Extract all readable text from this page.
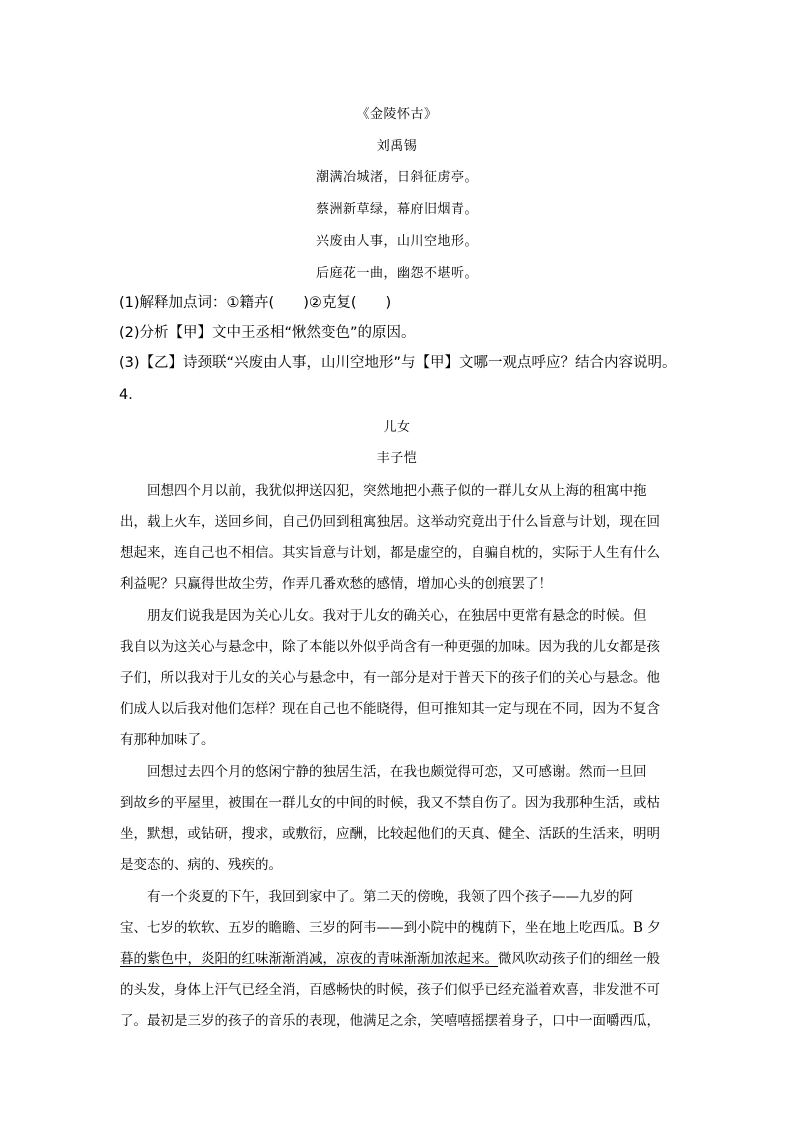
《金陵怀古》
刘禹锡
潮满冶城渚，日斜征虏亭。
蔡洲新草绿，幕府旧烟青。
兴废由人事，山川空地形。
后庭花一曲，幽怨不堪听。
(1)解释加点词：①籍卉(　　)②克复(　　)
(2)分析【甲】文中王丞相“愀然变色”的原因。
(3)【乙】诗颈联“兴废由人事，山川空地形”与【甲】文哪一观点呼应？结合内容说明。
4．
儿女
丰子恺
回想四个月以前，我犹似押送囚犯，突然地把小燕子似的一群儿女从上海的租寓中拖
出，载上火车，送回乡间，自己仍回到租寓独居。这举动究竟出于什么旨意与计划，现在回
想起来，连自己也不相信。其实旨意与计划，都是虚空的，自骗自枕的，实际于人生有什么
利益呢？只赢得世故尘劳，作弄几番欢愁的感情，增加心头的创痕罢了！
朋友们说我是因为关心儿女。我对于儿女的确关心，在独居中更常有悬念的时候。但
我自以为这关心与悬念中，除了本能以外似乎尚含有一种更强的加味。因为我的儿女都是孩
子们，所以我对于儿女的关心与悬念中，有一部分是对于普天下的孩子们的关心与悬念。他
们成人以后我对他们怎样？现在自己也不能晓得，但可推知其一定与现在不同，因为不复含
有那种加味了。
回想过去四个月的悠闲宁静的独居生活，在我也颇觉得可恋，又可感谢。然而一旦回
到故乡的平屋里，被围在一群儿女的中间的时候，我又不禁自伤了。因为我那种生活，或枯
坐，默想，或钻研，搜求，或敷衍，应酬，比较起他们的天真、健全、活跃的生活来，明明
是变态的、病的、残疾的。
有一个炎夏的下午，我回到家中了。第二天的傍晚，我领了四个孩子——九岁的阿
宝、七岁的软软、五岁的瞻瞻、三岁的阿韦——到小院中的槐荫下，坐在地上吃西瓜。B 夕
暮的紫色中，炎阳的红味渐渐消减，凉夜的青味渐渐加浓起来。微风吹动孩子们的细丝一般
的头发，身体上汗气已经全消，百感畅快的时候，孩子们似乎已经充溢着欢喜，非发泄不可
了。最初是三岁的孩子的音乐的表现，他满足之余，笑嘻嘻摇摆着身子，口中一面嚼西瓜，
